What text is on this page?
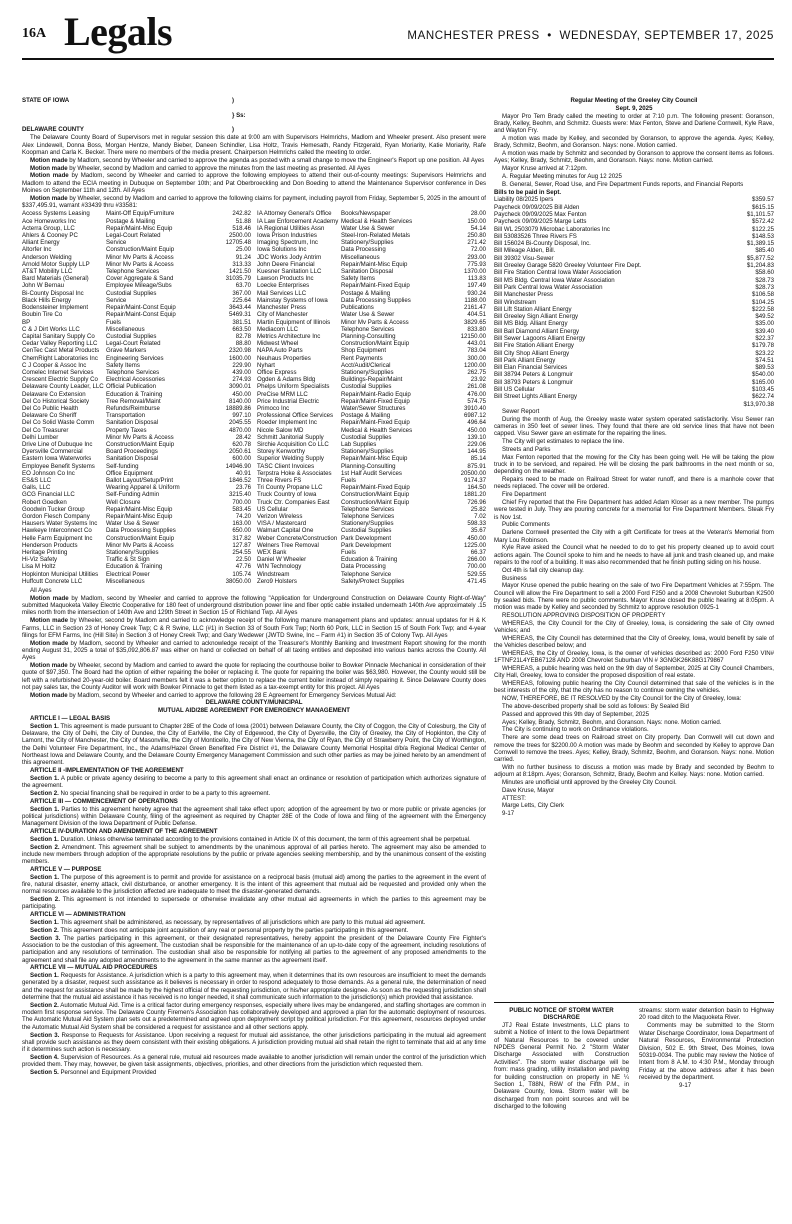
16A Legals	MANCHESTER PRESS  •  WEDNESDAY, SEPTEMBER 17, 2025
STATE OF IOWA	)
} Ss:
DELAWARE COUNTY	)

The Delaware County Board of Supervisors met in regular session this date at 9:00 am with Supervisors Helmrichs, Madlom and Wheeler present. Also present were Alex Lindewell, Donna Boss, Morgan Hentze, Mandy Bieber, Daneen Schindler, Lisa Holtz, Travis Hemesath, Randy Fitzgerald, Ryan Moriarity, Katie Moriarity, Rafe Koopman and Carla K. Becker. There were no members of the media present. Chairperson Helmrichs called the meeting to order.

Motion made by Madlom, second by Wheeler and carried to approve the agenda as posted with a small change to move the Engineer's Report up one position. All Ayes

Motion made by Wheeler, second by Madlom and carried to approve the minutes from the last meeting as presented. All Ayes

Motion made by Madlom, second by Wheeler and carried to approve the following employees to attend their out-of-county meetings: Supervisors Helmrichs and Madlom to attend the ECIA meeting in Dubuque on September 10th; and Pat Oberbroeckling and Don Boeding to attend the Maintenance Supervisor conference in Des Moines on September 11th and 12th. All Ayes

Motion made by Wheeler, second by Madlom and carried to approve the following claims for payment, including payroll from Friday, September 5, 2025 in the amount of $337,495.91, warrant #33439 thru #33581:

Access Systems Leasing	Maint-Off Equip/Furniture	242.82
Ace Homeworks Inc	Postage & Mailing	51.88
Acterra Group, LLC	Repair/Maint-Misc Equip	518.46
Ahlers & Cooney PC	Legal-Court Related	2500.00
Alliant Energy	Service	12705.48
Altorfer Inc	Construction/Maint Equip	25.00
Anderson Welding	Minor Mv Parts & Access	91.24
Arnold Motor Supply LLP	Minor Mv Parts & Access	313.33
AT&T Mobility LLC	Telephone Services	1421.50
Bard Materials (General)	Cover Aggregate & Sand	31035.79
John W Bernau	Employee Mileage/Subs	63.70
Bi-County Disposal Inc	Custodial Supplies	367.00
Black Hills Energy	Service	225.64
Bodensteiner Implement	Repair/Maint-Const Equip	3643.44
Boubin Tire Co	Repair/Maint-Const Equip	5469.31
BP	Fuels	381.51
C & J Dirt Works LLC	Miscellaneous	663.50
Capital Sanitary Supply Co	Custodial Supplies	82.78
Cedar Valley Reporting LLC	Legal-Court Related	88.80
CenTec Cast Metal Products	Grave Markers	2320.98
ChemRight Laboratories Inc	Engineering Services	1600.00
C J Cooper & Assoc Inc	Safety Items	229.90
Comelec Internet Services	Telephone Services	439.00
Crescent Electric Supply Co	Electrical Accessories	274.93
Delaware County Leader, LLC Official Publication	3090.01
Delaware Co Extension	Education & Training	450.00
Del Co Historical Society	Tree Removal/Maint	8140.00
Del Co Public Health	Refunds/Reimburse	18889.86
Delaware Co Sheriff	Transportation	997.10
Del Co Solid Waste Comm	Sanitation Disposal	2045.55
Del Co Treasurer	Property Taxes	4870.00
Delhi Lumber	Minor Mv Parts & Access	28.42
Drive Line of Dubuque Inc	Construction/Maint Equip	620.78
Dyersville Commercial	Board Proceedings	2050.61
Eastern Iowa Waterworks	Sanitation Disposal	600.00
Employee Benefit Systems	Self-funding	14946.90
EO Johnson Co Inc	Office Equipment	40.91
ES&S LLC	Ballot Layout/Setup/Print	1846.52
Galls, LLC	Wearing Apparel & Uniform	23.76
GCG Financial LLC	Self-Funding Admin	3215.40
Robert Goedken	Well Closure	700.00
Goodwin Tucker Group	Repair/Maint-Misc Equip	583.45
Gordon Flesch Company	Repair/Maint-Misc Equip	74.20
Hausers Water Systems Inc	Water Use & Sewer	163.00
Hawkeye Interconnect Co	Data Processing Supplies	650.00
Helle Farm Equipment Inc	Construction/Maint Equip	317.82
Henderson Products	Minor Mv Parts & Access	127.87
Heritage Printing	Stationery/Supplies	254.55
Hi-Viz Safety	Traffic & St Sign	22.50
Lisa M Holtz	Education & Training	47.76
Hopkinton Municipal Utilities	Electrical Power	105.74
Huffcutt Concrete LLC	Miscellaneous	38050.00
IA Attorney General's Office	Books/Newspaper	28.00
IA Law Enforcement Academy Medical & Health Services	150.00
IA Regional Utilities Assn	Water Use & Sewer	54.14
Iowa Prison Industries	Steel-Iron-Related Metals	250.80
Imaging Spectrum, Inc	Stationery/Supplies	271.42
Iowa Solutions Inc	Data Processing	72.00
JDC Works Jody Antrim	Miscellaneous	293.00
John Deere Financial	Repair/Maint-Misc Equip	775.93
Kuesner Sanitation LLC	Sanitation Disposal	1370.00
Lawson Products Inc	Safety Items	113.83
Loecke Enterprises	Repair/Maint-Fixed Equip	197.49
Mail Services LLC	Postage & Mailing	930.24
Mainstay Systems of Iowa	Data Processing Supplies	1188.00
Manchester Press	Publications	2161.47
City of Manchester	Water Use & Sewer	404.51
Martin Equipment of Illinois	Minor Mv Parts & Access	3829.65
Mediacom LLC	Telephone Services	833.80
Metrics Architecture Inc	Planning-Consulting	12150.00
Midwest Wheel	Construction/Maint Equip	443.01
NAPA Auto Parts	Shop Equipment	783.04
Neuhaus Properties	Rent Payments	300.00
Nyhart	Acct/Audit/Clerical	1200.00
Office Express	Stationery/Supplies	262.75
Ogden & Adams Bldg	Buildings-Repair/Maint	23.92
Phelps Uniform Specialists	Custodial Supplies	261.08
PreCise MRM LLC	Repair/Maint-Radio Equip	476.00
Price Industrial Electric	Repair/Maint-Fixed Equip	574.75
Primoco Inc	Water/Sewer Structures	3910.40
Professional Office Services	Postage & Mailing	6987.12
Roeder Implement Inc	Repair/Maint-Fixed Equip	496.64
Nicole Salow MD	Medical & Health Services	450.00
Schmitt Janitorial Supply	Custodial Supplies	139.10
Sirchie Acquisition Co LLC	Lab Supplies	229.06
Storey Kenworthy	Stationery/Supplies	144.95
Superior Welding Supply	Repair/Maint-Misc Equip	85.14
TASC Client Invoices	Planning-Consulting	875.91
Terpstra Hoke & Associates	1st Half Audit Services	20500.00
Three Rivers FS	Fuels	9174.37
Tri County Propane LLC	Repair/Maint-Fixed Equip	164.50
Truck Country of Iowa	Construction/Maint Equip	1881.20
Truck Ctr. Companies East	Construction/Maint Equip	726.96
US Cellular	Telephone Services	25.82
Verizon Wireless	Telephone Services	7.02
VISA / Mastercard	Stationery/Supplies	598.33
Walmart Capital One	Custodial Supplies	35.67
Weber Concrete/Construction Park Development	450.00
Welners Tree Removal	Park Development	1225.00
WEX Bank	Fuels	66.37
Daniel W Wheeler	Education & Training	266.00
WIN Technology	Data Processing	700.00
Windstream	Telephone Service	529.55
Zero9 Holsters	Safety/Protect Supplies	471.45

All Ayes

Motion made by Madlom, second by Wheeler and carried to approve the following "Application for Underground Construction on Delaware County Right-of-Way" submitted Maquoketa Valley Electric Cooperative for 180 feet of underground distribution power line and fiber optic cable installed underneath 140th Ave approximately .15 miles north from the intersection of 140th Ave and 129th Street in Section 15 of Richland Twp. All Ayes

Motion made by Wheeler, second by Madlom and carried to acknowledge receipt of the following manure management plans and updates: annual updates for H & K Farms, LLC in Section 23 of Honey Creek Twp; C & R Swine, LLC (#1) in Section 33 of South Fork Twp; North 60 Pork, LLC in Section 15 of South Fork Twp; and 4-year filings for EFM Farms, Inc (Hill Site) in Section 3 of Honey Creek Twp; and Gary Wedewer (JWTD Swine, Inc – Farm #1) in Section 35 of Colony Twp. All Ayes

Motion made by Madlom, second by Wheeler and carried to acknowledge receipt of the Treasurer's Monthly Banking and Investment Report showing for the month ending August 31, 2025 a total of $35,092,806.87 was either on hand or collected on behalf of all taxing entities and deposited into various banks across the County. All Ayes

Motion made by Wheeler, second by Madlom and carried to award the quote for replacing the courthouse boiler to Bowker Pinnacle Mechanical in consideration of their quote of $97,350. The Board had the option of either repairing the boiler or replacing it. The quote for repairing the boiler was $63,980. However, the County would still be left with a refurbished 20-year-old boiler. Board members felt it was a better option to replace the current boiler instead of simply repairing it. Since Delaware County does not pay sales tax, the County Auditor will work with Bowker Pinnacle to get them listed as a tax-exempt entity for this project. All Ayes

Motion made by Madlom, second by Wheeler and carried to approve the following 28 E Agreement for Emergency Services Mutual Aid:

DELAWARE COUNTY/MUNICIPAL

MUTUAL AID/28E AGREEMENT FOR EMERGENCY MANAGEMENT

ARTICLE I — LEGAL BASIS

Section 1. This agreement is made pursuant to Chapter 28E of the Code of Iowa (2001) between Delaware County, the City of Coggon, the City of Colesburg, the City of Delaware, the City of Delhi, the City of Dundee, the City of Earlville, the City of Edgewood, the City of Dyersville, the City of Greeley, the City of Hopkinton, the City of Lamont, the City of Manchester, the City of Masonville, the City of Monticello, the City of New Vienna, the City of Ryan, the City of Strawberry Point, the City of Worthington, the Delhi Volunteer Fire Department, Inc., the Adams/Hazel Green Benefited Fire District #1, the Delaware County Memorial Hospital d/b/a Regional Medical Center of Northeast Iowa and Delaware County, and the Delaware County Emergency Management Commission and such other parties as may be joined hereto by an amendment of this agreement.

ARTICLE II -IMPLEMENTATION OF THE AGREEMENT

Section 1. A public or private agency desiring to become a party to this agreement shall enact an ordinance or resolution of participation which authorizes signature of the agreement.

Section 2. No special financing shall be required in order to be a party to this agreement.

ARTICLE III — COMMENCEMENT OF OPERATIONS

Section 1. Parties to this agreement hereby agree that the agreement shall take effect upon; adoption of the agreement by two or more public or private agencies (or political jurisdictions) within Delaware County, filing of the agreement as required by Chapter 28E of the Code of Iowa and filing of the agreement with the Emergency Management Division of the Iowa Department of Public Defense.

ARTICLE IV-DURATION AND AMENDMENT OF THE AGREEMENT

Section 1. Duration. Unless otherwise terminated according to the provisions contained in Article IX of this document, the term of this agreement shall be perpetual.

Section 2. Amendment. This agreement shall be subject to amendments by the unanimous approval of all parties hereto. The agreement may also be amended to include new members through adoption of the appropriate resolutions by the public or private agencies seeking membership, and by the unanimous consent of the existing members.

ARTICLE V — PURPOSE

Section 1. The purpose of this agreement is to permit and provide for assistance on a reciprocal basis (mutual aid) among the parties to the agreement in the event of fire, natural disaster, enemy attack, civil disturbance, or another emergency. It is the intent of this agreement that mutual aid be requested and provided only when the normal resources available to the jurisdiction affected are inadequate to meet the disaster-generated demands.

Section 2. This agreement is not intended to supersede or otherwise invalidate any other mutual aid agreements in which the parties to this agreement may be participating.

ARTICLE VI — ADMINISTRATION

Section 1. This agreement shall be administered, as necessary, by representatives of all jurisdictions which are party to this mutual aid agreement.

Section 2. This agreement does not anticipate joint acquisition of any real or personal property by the parties participating in this agreement.

Section 3. The parties participating in this agreement, or their designated representatives, hereby appoint the president of the Delaware County Fire Fighter's Association to be the custodian of this agreement. The custodian shall be responsible for the maintenance of an up-to-date copy of the agreement, including resolutions of participation and any resolutions of termination. The custodian shall also be responsible for notifying all parties to the agreement of any proposed amendments to the agreement and shall file any adopted amendments to the agreement in the same manner as the agreement itself.

ARTICLE VII — MUTUAL AID PROCEDURES

Section 1. Requests for Assistance. A jurisdiction which is a party to this agreement may, when it determines that its own resources are insufficient to meet the demands generated by a disaster, request such assistance as it believes is necessary in order to respond adequately to those demands. As a general rule, the determination of need and the request for assistance shall be made by the highest official of the requesting jurisdiction, or his/her appropriate designee. As soon as the requesting jurisdiction shall determine that the mutual aid assistance it has received is no longer needed, it shall communicate such information to the jurisdiction(s) which provided that assistance.

Section 2. Automatic Mutual Aid. Time is a critical factor during emergency responses, especially where lives may be endangered, and staffing shortages are common in modern first response service. The Delaware County Firemen's Association has collaboratively developed and approved a plan for the automatic deployment of resources. The Automatic Mutual Aid System plan sets out a predetermined and agreed upon deployment script by political jurisdiction. For this agreement, resources deployed under the Automatic Mutual Aid System shall be considered a request for assistance and all other sections apply.

Section 3. Response to Requests for Assistance. Upon receiving a request for mutual aid assistance, the other jurisdictions participating in the mutual aid agreement shall provide such assistance as they deem consistent with their existing obligations. A jurisdiction providing mutual aid shall retain the right to terminate that aid at any time if it determines such action is necessary.

Section 4. Supervision of Resources. As a general rule, mutual aid resources made available to another jurisdiction will remain under the control of the jurisdiction which provided them. They may, however, be given task assignments, objectives, priorities, and other directions from the jurisdiction which requested them.

Section 5. Personnel and Equipment Provided

Regular Meeting of the Greeley City Council

Sept. 9, 2025

Mayor Pro Tem Brady called the meeting to order at 7:10 p.m. The following present: Goranson, Brady, Kelley, Beohm, and Schmitz. Guests were: Max Fenton, Steve and Darlene Cornwell, Kyle Rave, and Wayton Fry.

A motion was made by Kelley, and seconded by Goranson, to approve the agenda. Ayes; Kelley, Brady, Schmitz, Beohm, and Goranson. Nays: none. Motion carried.

A motion was made by Schmitz and seconded by Goranson to approve the consent items as follows. Ayes; Kelley, Brady, Schmitz, Beohm, and Goranson. Nays: none. Motion carried.

Mayor Kruse arrived at 7:12pm.

A. Regular Meeting minutes for Aug 12 2025

B. General, Sewer, Road Use, and Fire Department Funds reports, and Financial Reports

Bills to be paid in Sept.

Liability 08/2025 Ipers	$359.57
Paycheck 09/09/2025 Bill Alden	$615.15
Paycheck 09/09/2025 Max Fenton	$1,101.57
Paycheck 09/09/2025 Marge Letts	$572.42
Bill WL 2503079 Microbac Laboratories Inc	$122.25
Bill 53083526 Three Rivers FS	$148.53
Bill 156024 Bi-County Disposal, Inc.	$1,389.15
Bill Mileage Alden, Bill.	$85.40
Bill 39302 Visu-Sewer	$5,877.52
Bill Greeley Garage 5820 Greeley Volunteer Fire Dept.	$1,204.83
Bill Fire Station Central Iowa Water Association	$58.60
Bill MS Bldg. Central Iowa Water Association	$28.73
Bill Park Central Iowa Water Association	$28.73
Bill Manchester Press	$106.58
Bill Windstream	$104.25
Bill Lift Station Alliant Energy	$222.58
Bill Greeley Sign Alliant Energy	$49.52
Bill MS Bldg. Alliant Energy	$35.00
Bill Ball Diamond Alliant Energy	$39.40
Bill Sewer Lagoons Alliant Energy	$22.37
Bill Fire Station Alliant Energy	$179.78
Bill City Shop Alliant Energy	$23.22
Bill Park Alliant Energy	$74.51
Bill Elan Financial Services	$89.53
Bill 38794 Peters & Longmuir	$540.00
Bill 38793 Peters & Longmuir	$165.00
Bill US Cellular	$103.45
Bill Street Lights Alliant Energy	$622.74
$13,970.38

Sewer Report

During the month of Aug, the Greeley waste water system operated satisfactorily. Visu Sewer ran cameras in 350 feet of sewer lines. They found that there are old service lines that have not been capped. Visu Sewer gave an estimate for the repairing the lines.

The City will get estimates to replace the line.

Streets and Parks

Max Fenton reported that the mowing for the City has been going well. He will be taking the plow truck in to be serviced, and repaired. He will be closing the park bathrooms in the next month or so, depending on the weather.

Repairs need to be made on Railroad Street for water runoff, and there is a manhole cover that needs replaced. The cover will be ordered.

Fire Department

Chief Fry reported that the Fire Department has added Adam Kloser as a new member. The pumps were tested in July. They are pouring concrete for a memorial for Fire Department Members. Steak Fry is Nov 1st.

Public Comments

Darlene Cornwell presented the City with a gift Certificate for trees at the Veteran's Memorial from Mary Lou Robinson.

Kyle Rave asked the Council what he needed to do to get his property cleaned up to avoid court actions again. The Council spoke to him and he needs to have all junk and trash cleaned up, and make repairs to the roof of a building. It was also recommended that he finish putting siding on his house.

Oct 4th is fall city cleanup day.

Business

Mayor Kruse opened the public hearing on the sale of two Fire Department Vehicles at 7:55pm. The Council will allow the Fire Department to sell a 2000 Ford F250 and a 2008 Chevrolet Suburban K2500 by sealed bids. There were no public comments. Mayor Kruse closed the public hearing at 8:05pm. A motion was made by Kelley and seconded by Schmitz to approve resolution 0925-1

RESOLUTION APPROVING DISPOSITION OF PROPERTY

WHEREAS, the City Council for the City of Greeley, Iowa, is considering the sale of City owned Vehicles; and

WHEREAS, the City Council has determined that the City of Greeley, Iowa, would benefit by sale of the Vehicles described below; and

WHEREAS, the City of Greeley, Iowa, is the owner of vehicles described as: 2000 Ford F250 VIN# 1FTNF21L4YEB67128 AND 2008 Chevrolet Suburban VIN # 3GNGK26K88G179867

WHEREAS, a public hearing was held on the 9th day of September, 2025 at City Council Chambers, City Hall, Greeley, Iowa to consider the proposed disposition of real estate.

WHEREAS, following public hearing the City Council determined that sale of the vehicles is in the best interests of the city, that the city has no reason to continue owning the vehicles.

NOW, THEREFORE, BE IT RESOLVED by the City Council for the City of Greeley, Iowa:

The above-described property shall be sold as follows: By Sealed Bid

Passed and approved this 9th day of September, 2025

Ayes; Kelley, Brady, Schmitz, Beohm, and Goranson. Nays: none. Motion carried.

The City is continuing to work on Ordinance violations.

There are some dead trees on Railroad street on City property. Dan Cornwell will cut down and remove the trees for $2200.00 A motion was made by Beohm and seconded by Kelley to approve Dan Cornwell to remove the trees. Ayes; Kelley, Brady, Schmitz, Beohm, and Goranson. Nays: none. Motion carried.

With no further business to discuss a motion was made by Brady and seconded by Beohm to adjourn at 8:18pm. Ayes; Goranson, Schmitz, Brady, Beohm and Kelley. Nays: none. Motion carried.

Minutes are unofficial until approved by the Greeley City Council.

Dave Kruse, Mayor

ATTEST:

Marge Letts, City Clerk

9-17

PUBLIC NOTICE OF STORM WATER DISCHARGE

JTJ Real Estate Investments, LLC plans to submit a Notice of Intent to the Iowa Department of Natural Resources to be covered under NPDES General Permit No. 2 "Storm Water Discharge Associated with Construction Activities". The storm water discharge will be from: mass grading, utility installation and paving for building construction on property in NE ¼ Section 1, T88N, R6W of the Fifth P.M., in Delaware County, Iowa. Storm water will be discharged from non point sources and will be discharged to the following

streams: storm water detention basin to Highway 20 road ditch to the Maquoketa River.

Comments may be submitted to the Storm Water Discharge Coordinator, Iowa Department of Natural Resources, Environmental Protection Division, 502 E. 9th Street, Des Moines, Iowa 50319-0034. The public may review the Notice of Intent from 8 A.M. to 4:30 P.M., Monday through Friday at the above address after it has been received by the department.

9-17
